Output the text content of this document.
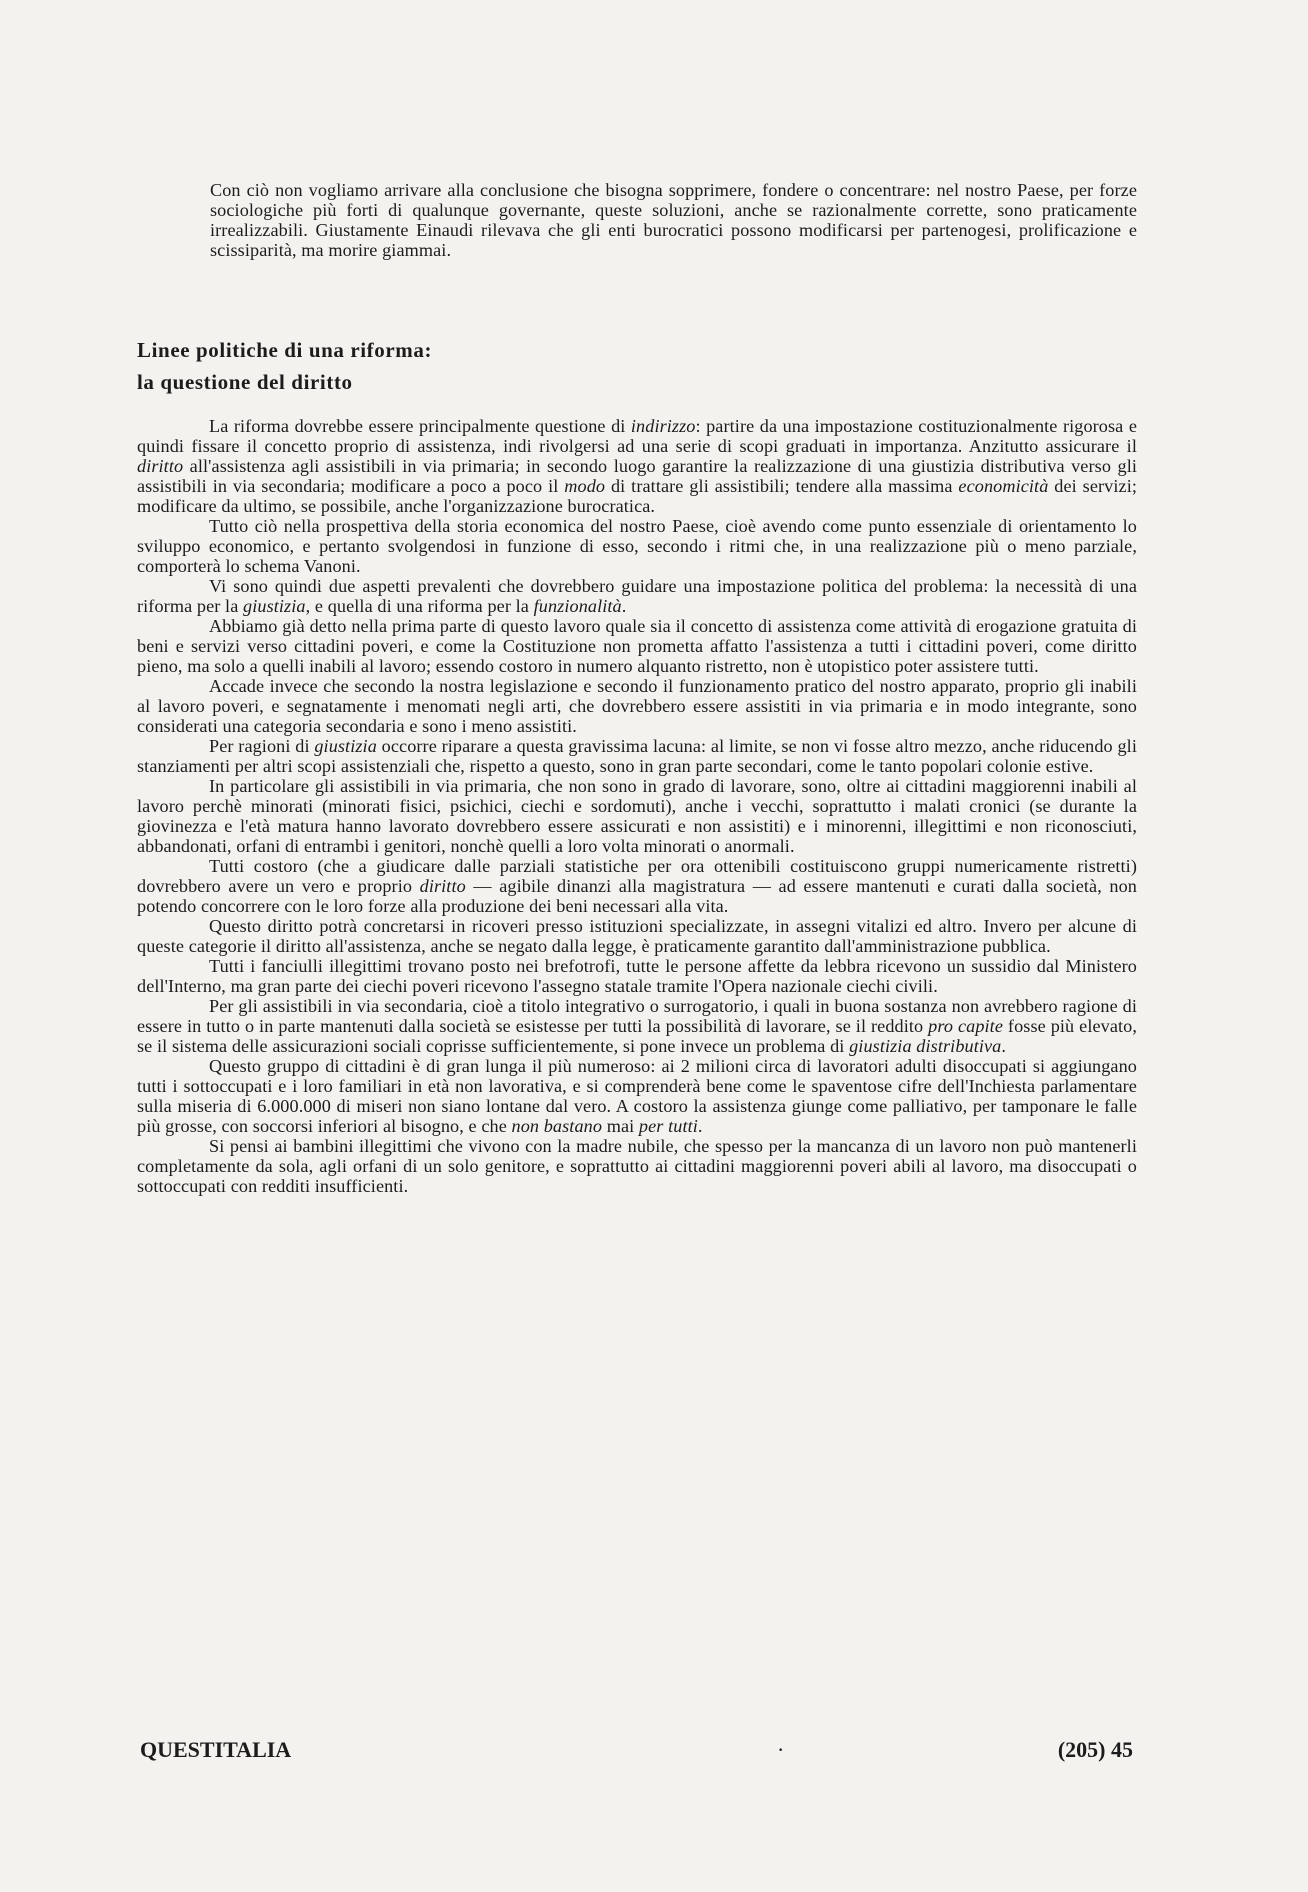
Con ciò non vogliamo arrivare alla conclusione che bisogna sopprimere, fondere o concentrare: nel nostro Paese, per forze sociologiche più forti di qualunque governante, queste soluzioni, anche se razionalmente corrette, sono praticamente irrealizzabili. Giustamente Einaudi rilevava che gli enti burocratici possono modificarsi per partenogesi, prolificazione e scissiparità, ma morire giammai.

Linee politiche di una riforma:
la questione del diritto

La riforma dovrebbe essere principalmente questione di indirizzo: partire da una impostazione costituzionalmente rigorosa e quindi fissare il concetto proprio di assistenza, indi rivolgersi ad una serie di scopi graduati in importanza. Anzitutto assicurare il diritto all'assistenza agli assistibili in via primaria; in secondo luogo garantire la realizzazione di una giustizia distributiva verso gli assistibili in via secondaria; modificare a poco a poco il modo di trattare gli assistibili; tendere alla massima economicità dei servizi; modificare da ultimo, se possibile, anche l'organizzazione burocratica.

Tutto ciò nella prospettiva della storia economica del nostro Paese, cioè avendo come punto essenziale di orientamento lo sviluppo economico, e pertanto svolgendosi in funzione di esso, secondo i ritmi che, in una realizzazione più o meno parziale, comporterà lo schema Vanoni.

Vi sono quindi due aspetti prevalenti che dovrebbero guidare una impostazione politica del problema: la necessità di una riforma per la giustizia, e quella di una riforma per la funzionalità.

Abbiamo già detto nella prima parte di questo lavoro quale sia il concetto di assistenza come attività di erogazione gratuita di beni e servizi verso cittadini poveri, e come la Costituzione non prometta affatto l'assistenza a tutti i cittadini poveri, come diritto pieno, ma solo a quelli inabili al lavoro; essendo costoro in numero alquanto ristretto, non è utopistico poter assistere tutti.

Accade invece che secondo la nostra legislazione e secondo il funzionamento pratico del nostro apparato, proprio gli inabili al lavoro poveri, e segnatamente i menomati negli arti, che dovrebbero essere assistiti in via primaria e in modo integrante, sono considerati una categoria secondaria e sono i meno assistiti.

Per ragioni di giustizia occorre riparare a questa gravissima lacuna: al limite, se non vi fosse altro mezzo, anche riducendo gli stanziamenti per altri scopi assistenziali che, rispetto a questo, sono in gran parte secondari, come le tanto popolari colonie estive.

In particolare gli assistibili in via primaria, che non sono in grado di lavorare, sono, oltre ai cittadini maggiorenni inabili al lavoro perchè minorati (minorati fisici, psichici, ciechi e sordomuti), anche i vecchi, soprattutto i malati cronici (se durante la giovinezza e l'età matura hanno lavorato dovrebbero essere assicurati e non assistiti) e i minorenni, illegittimi e non riconosciuti, abbandonati, orfani di entrambi i genitori, nonchè quelli a loro volta minorati o anormali.

Tutti costoro (che a giudicare dalle parziali statistiche per ora ottenibili costituiscono gruppi numericamente ristretti) dovrebbero avere un vero e proprio diritto — agibile dinanzi alla magistratura — ad essere mantenuti e curati dalla società, non potendo concorrere con le loro forze alla produzione dei beni necessari alla vita.

Questo diritto potrà concretarsi in ricoveri presso istituzioni specializzate, in assegni vitalizi ed altro. Invero per alcune di queste categorie il diritto all'assistenza, anche se negato dalla legge, è praticamente garantito dall'amministrazione pubblica.

Tutti i fanciulli illegittimi trovano posto nei brefotrofi, tutte le persone affette da lebbra ricevono un sussidio dal Ministero dell'Interno, ma gran parte dei ciechi poveri ricevono l'assegno statale tramite l'Opera nazionale ciechi civili.

Per gli assistibili in via secondaria, cioè a titolo integrativo o surrogatorio, i quali in buona sostanza non avrebbero ragione di essere in tutto o in parte mantenuti dalla società se esistesse per tutti la possibilità di lavorare, se il reddito pro capite fosse più elevato, se il sistema delle assicurazioni sociali coprisse sufficientemente, si pone invece un problema di giustizia distributiva.

Questo gruppo di cittadini è di gran lunga il più numeroso: ai 2 milioni circa di lavoratori adulti disoccupati si aggiungano tutti i sottoccupati e i loro familiari in età non lavorativa, e si comprenderà bene come le spaventose cifre dell'Inchiesta parlamentare sulla miseria di 6.000.000 di miseri non siano lontane dal vero. A costoro la assistenza giunge come palliativo, per tamponare le falle più grosse, con soccorsi inferiori al bisogno, e che non bastano mai per tutti.

Si pensi ai bambini illegittimi che vivono con la madre nubile, che spesso per la mancanza di un lavoro non può mantenerli completamente da sola, agli orfani di un solo genitore, e soprattutto ai cittadini maggiorenni poveri abili al lavoro, ma disoccupati o sottoccupati con redditi insufficienti.

QUESTITALIA	·	(205) 45
